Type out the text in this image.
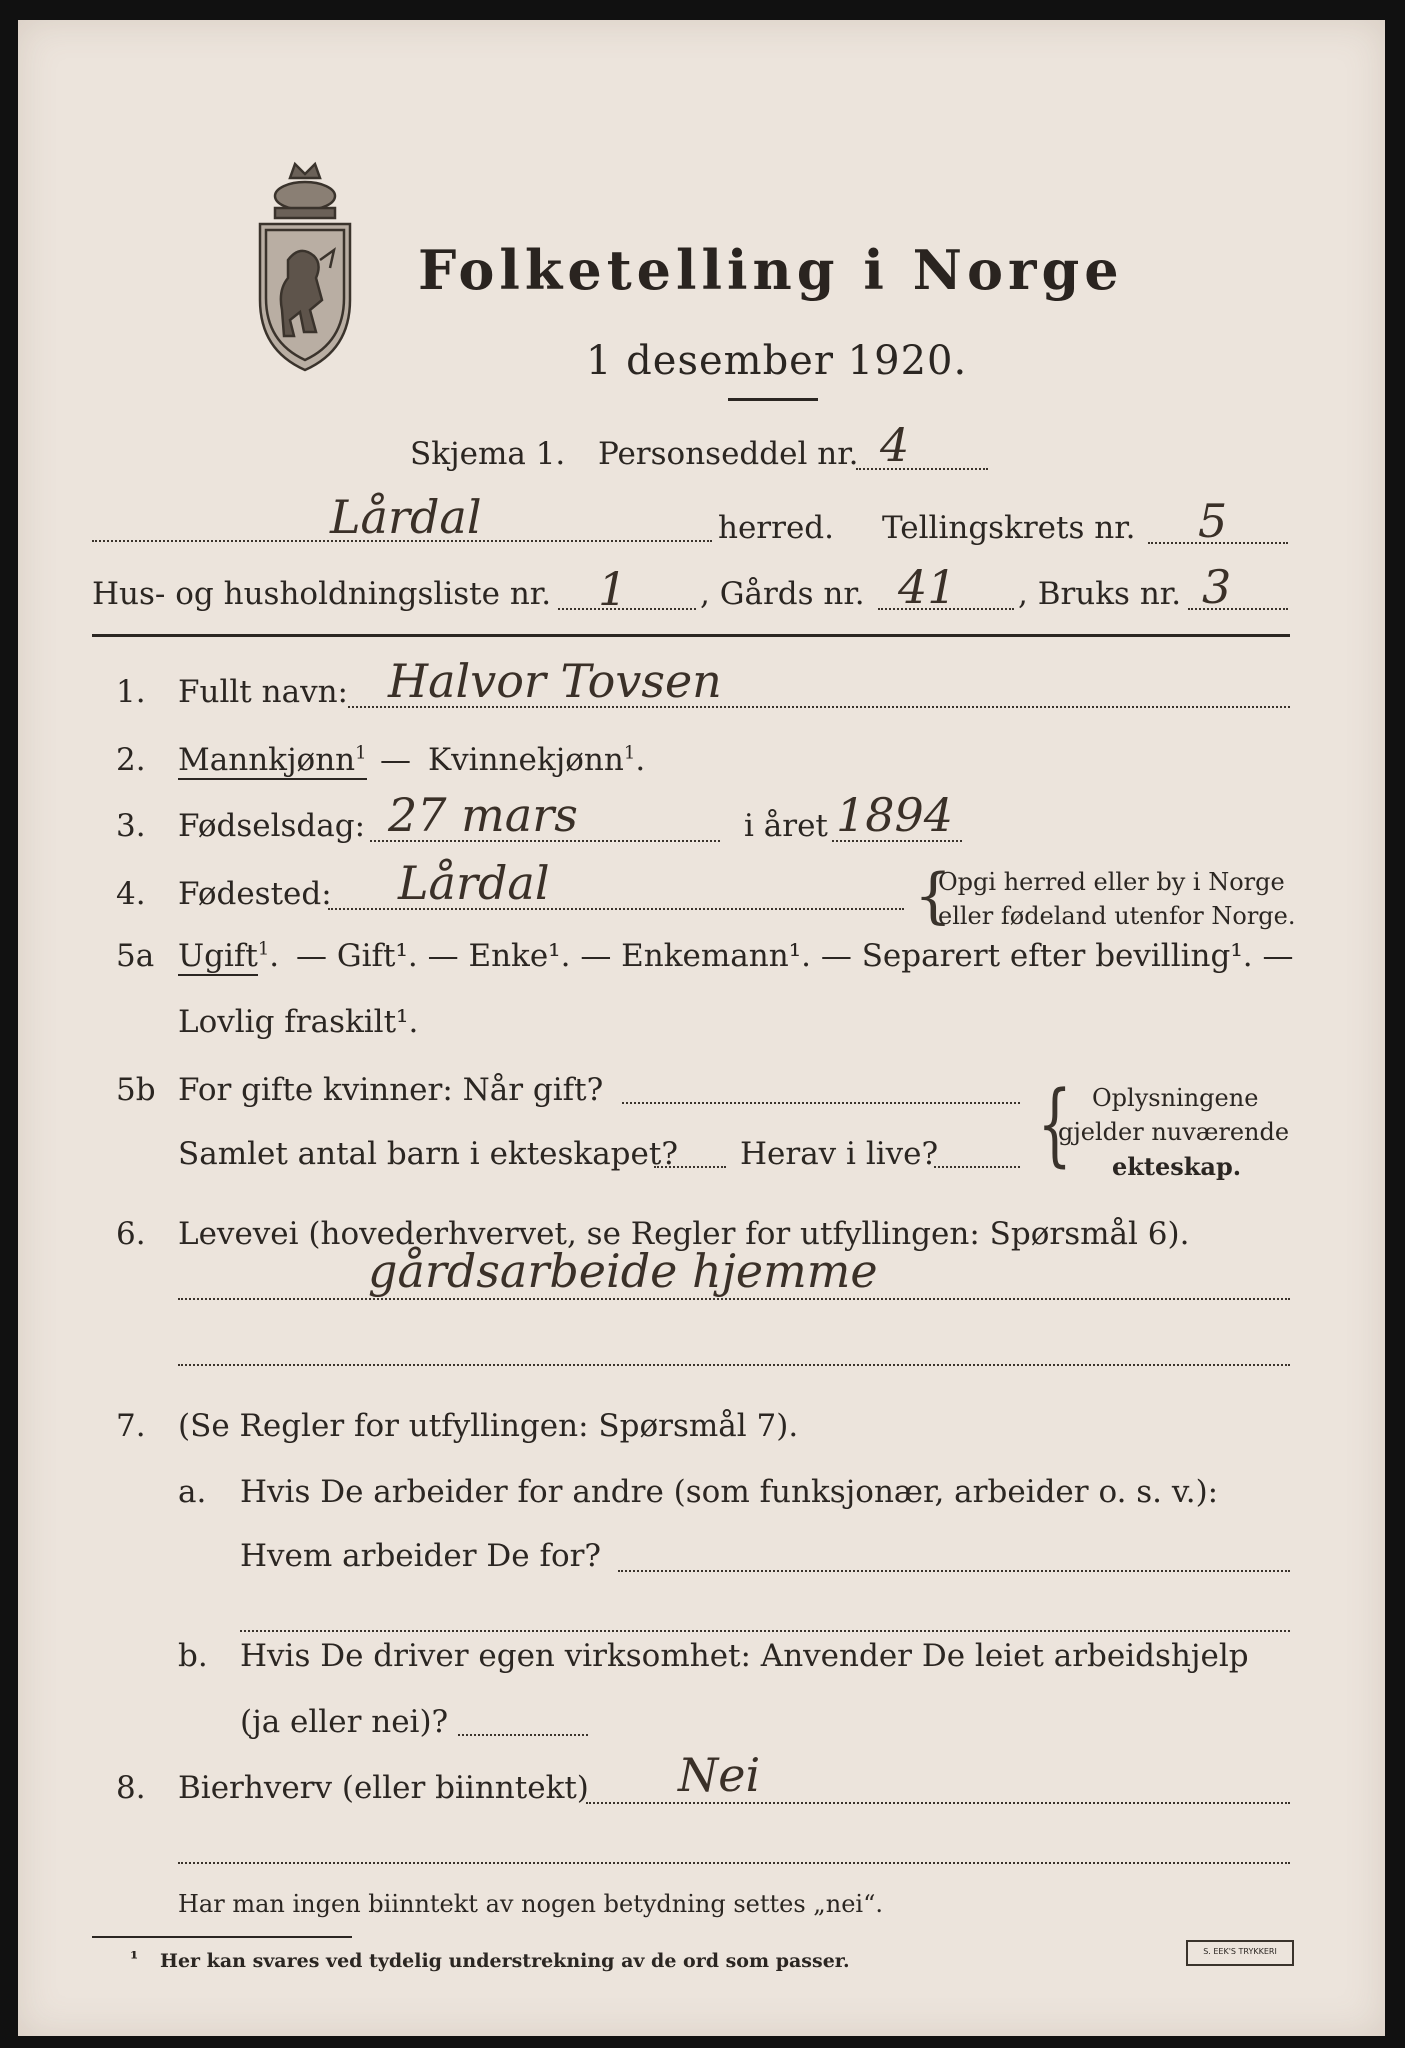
Folketelling i Norge
1 desember 1920.
Skjema 1. Personseddel nr. 4
Lårdal	herred. Tellingskrets nr. 5
Hus- og husholdningsliste nr. 1 , Gårds nr. 41 , Bruks nr. 3
1. Fullt navn: Halvor Tovsen
2. Mannkjønn$^1$ — Kvinnekjønn$^1$.
3. Fødselsdag: 27 mars	i året 1894
4. Fødested: Lårdal	{
Opgi herred eller by i Norge
eller fødeland utenfor Norge.
5a Ugift$^1$. — Gift¹. — Enke¹. — Enkemann¹. — Separert efter bevilling¹. —
Lovlig fraskilt¹.
5b For gifte kvinner: Når gift?
Samlet antal barn i ekteskapet? Herav i live? { Oplysningene
gjelder nuværende
ekteskap.
6. Levevei (hovederhvervet, se Regler for utfyllingen: Spørsmål 6).
gårdsarbeide hjemme
7. (Se Regler for utfyllingen: Spørsmål 7).
a. Hvis De arbeider for andre (som funksjonær, arbeider o. s. v.):
Hvem arbeider De for?
b. Hvis De driver egen virksomhet: Anvender De leiet arbeidshjelp
(ja eller nei)?
8. Bierhverv (eller biinntekt) Nei
Har man ingen biinntekt av nogen betydning settes „nei“.
¹ Her kan svares ved tydelig understrekning av de ord som passer.	S. EEK'S TRYKKERI
